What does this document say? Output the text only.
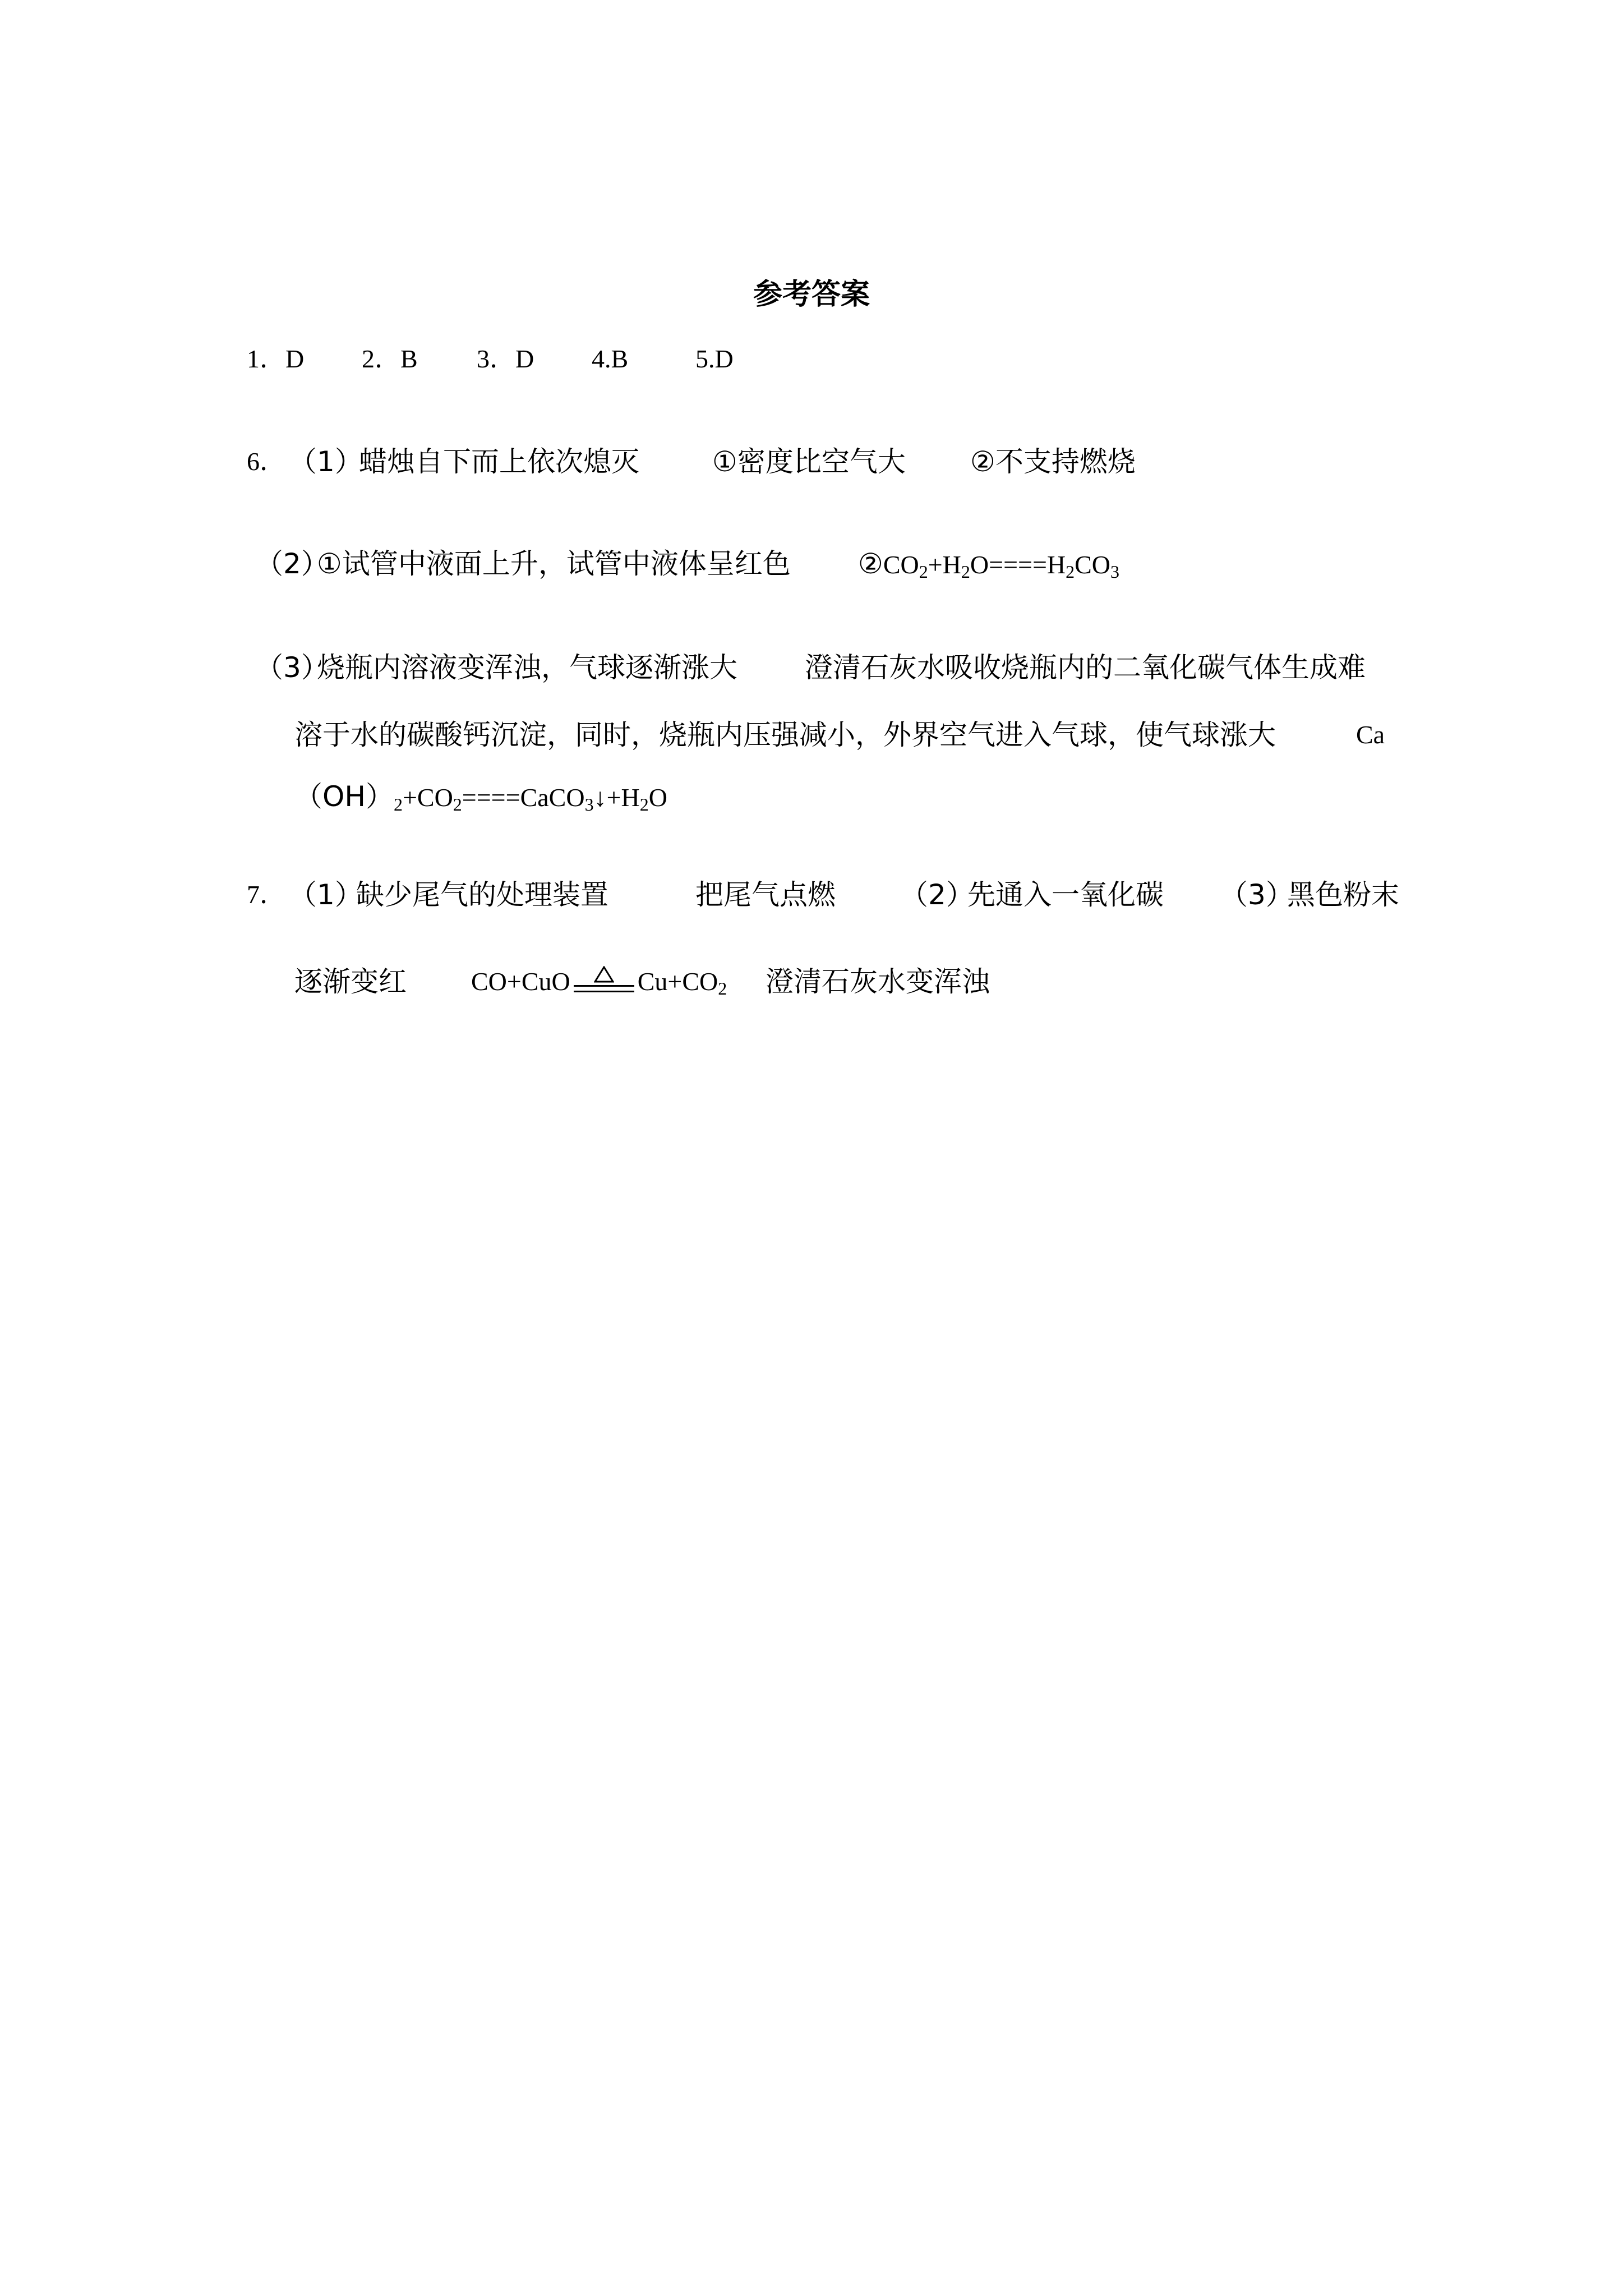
参考答案
1．D 2．B 3．D 4.B	5.D
6． （1）
蜡烛自下而上依次熄灭	①密度比空气大 ②不支持燃烧
（2）
①试管中液面上升，试管中液体呈红色 $②CO_2+H_2O====H_2CO_3$
（3）
烧瓶内溶液变浑浊，气球逐渐涨大 澄清石灰水吸收烧瓶内的二氧化碳气体生成难
溶于水的碳酸钙沉淀，同时，烧瓶内压强减小，外界空气进入气球，使气球涨大	Ca
$(OH)_2+CO_2====CaCO_3↓+H_2O$
7． （1）
缺少尾气的处理装置	把尾气点燃 （2）
先通入一氧化碳 （3）
黑色粉末
逐渐变红	CO+CuO	$Cu+CO_2$ 澄清石灰水变浑浊
